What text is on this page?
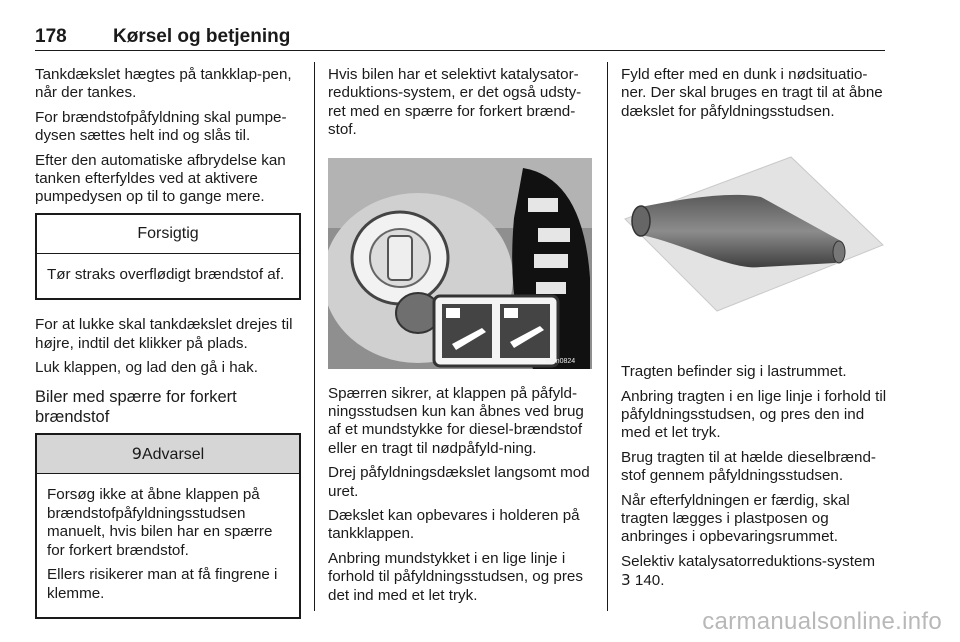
178 Kørsel og betjening

Tankdækslet hægtes på tankklap-pen, når der tankes.

For brændstofpåfyldning skal pumpe-dysen sættes helt ind og slås til.

Efter den automatiske afbrydelse kan tanken efterfyldes ved at aktivere pumpedysen op til to gange mere.

Forsigtig

Tør straks overflødigt brændstof af.

For at lukke skal tankdækslet drejes til højre, indtil det klikker på plads.

Luk klappen, og lad den gå i hak.

Biler med spærre for forkert brændstof
9Advarsel

Forsøg ikke at åbne klappen på brændstofpåfyldningsstudsen manuelt, hvis bilen har en spærre for forkert brændstof.

Ellers risikerer man at få fingrene i klemme.

Hvis bilen har et selektivt katalysator-reduktions-system, er det også udsty-ret med en spærre for forkert brænd-stof.

eom0824

Spærren sikrer, at klappen på påfyld-ningsstudsen kun kan åbnes ved brug af et mundstykke for diesel-brændstof eller en tragt til nødpåfyld-ning.

Drej påfyldningsdækslet langsomt mod uret.

Dækslet kan opbevares i holderen på tankklappen.

Anbring mundstykket i en lige linje i forhold til påfyldningsstudsen, og pres det ind med et let tryk.

Fyld efter med en dunk i nødsituatio-ner. Der skal bruges en tragt til at åbne dækslet for påfyldningsstudsen.

Tragten befinder sig i lastrummet.

Anbring tragten i en lige linje i forhold til påfyldningsstudsen, og pres den ind med et let tryk.

Brug tragten til at hælde dieselbrænd-stof gennem påfyldningsstudsen.

Når efterfyldningen er færdig, skal tragten lægges i plastposen og anbringes i opbevaringsrummet.

Selektiv katalysatorreduktions-system 3 140.

carmanualsonline.info
